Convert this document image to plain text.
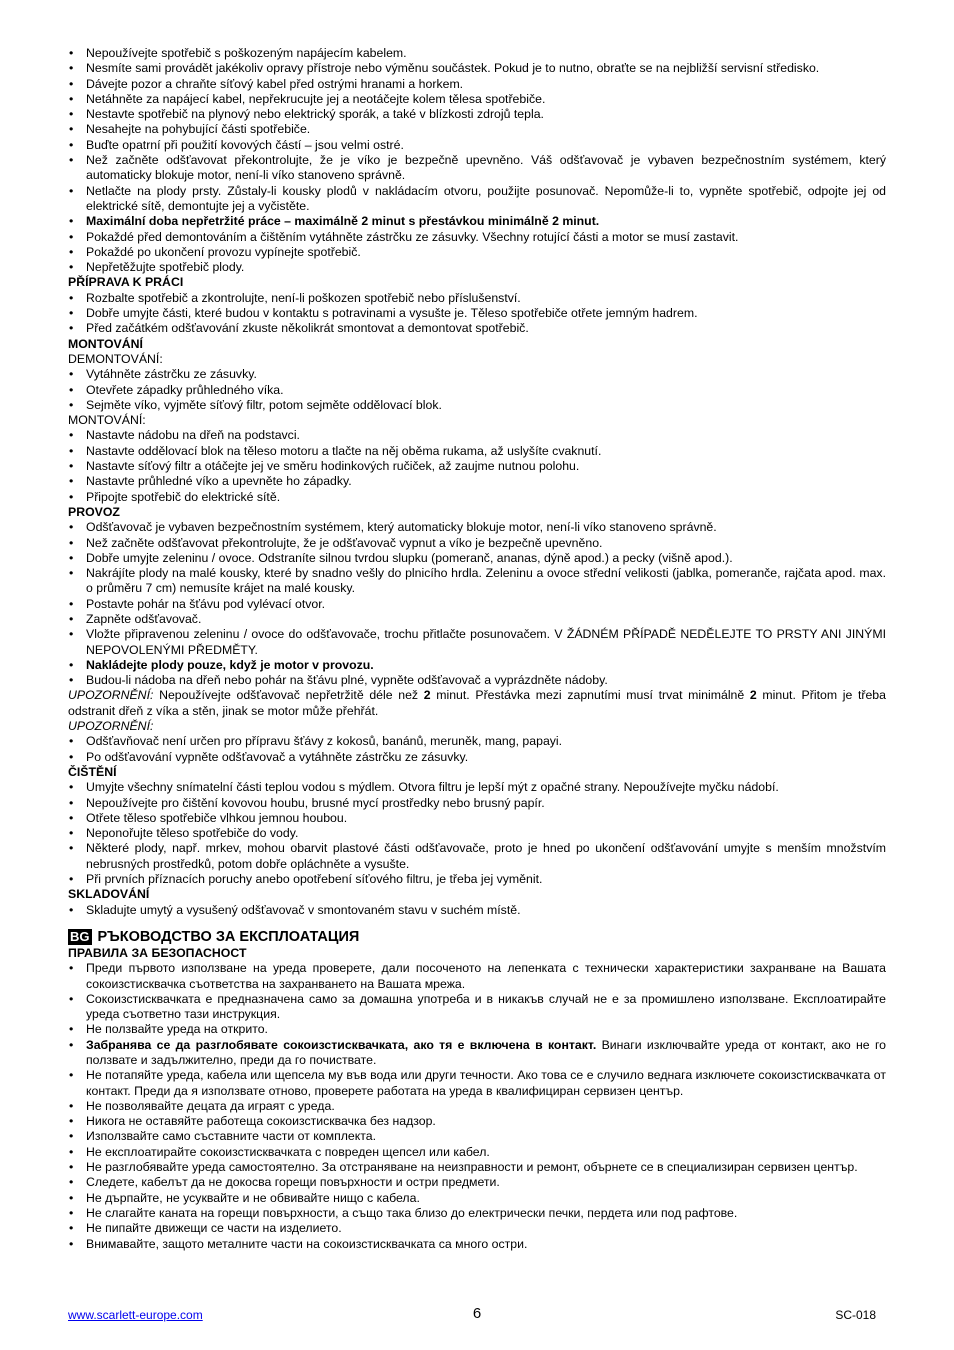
• Nepoužívejte spotřebič s poškozeným napájecím kabelem.
• Nesmíte sami provádět jakékoliv opravy přístroje nebo výměnu součástek. Pokud je to nutno, obraťte se na nejbližší servisní středisko.
• Dávejte pozor a chraňte síťový kabel před ostrými hranami a horkem.
• Netáhněte za napájecí kabel, nepřekrucujte jej a neotáčejte kolem tělesa spotřebiče.
• Nestavte spotřebič na plynový nebo elektrický sporák, a také v blízkosti zdrojů tepla.
• Nesahejte na pohybující části spotřebiče.
• Buďte opatrní při použití kovových částí – jsou velmi ostré.
• Než začněte odšťavovat překontrolujte, že je víko je bezpečně upevněno. Váš odšťavovač je vybaven bezpečnostním systémem, který automaticky blokuje motor, není-li víko stanoveno správně.
• Netlačte na plody prsty. Zůstaly-li kousky plodů v nakládacím otvoru, použijte posunovač. Nepomůže-li to, vypněte spotřebič, odpojte jej od elektrické sítě, demontujte jej a vyčistěte.
• Maximální doba nepřetržité práce – maximálně 2 minut s přestávkou minimálně 2 minut.
• Pokaždé před demontováním a čištěním vytáhněte zástrčku ze zásuvky. Všechny rotující části a motor se musí zastavit.
• Pokaždé po ukončení provozu vypínejte spotřebič.
• Nepřetěžujte spotřebič plody.
PŘÍPRAVA K PRÁCI
• Rozbalte spotřebič a zkontrolujte, není-li poškozen spotřebič nebo příslušenství.
• Dobře umyjte části, které budou v kontaktu s potravinami a vysušte je. Těleso spotřebiče otřete jemným hadrem.
• Před začátkém odšťavování zkuste několikrát smontovat a demontovat spotřebič.
MONTOVÁNÍ
DEMONTOVÁNÍ:
• Vytáhněte zástrčku ze zásuvky.
• Otevřete západky průhledného víka.
• Sejměte víko, vyjměte síťový filtr, potom sejměte oddělovací blok.
MONTOVÁNÍ:
• Nastavte nádobu na dřeň na podstavci.
• Nastavte oddělovací blok na těleso motoru a tlačte na něj oběma rukama, až uslyšíte cvaknutí.
• Nastavte síťový filtr a otáčejte jej ve směru hodinkových ručiček, až zaujme nutnou polohu.
• Nastavte průhledné víko a upevněte ho západky.
• Připojte spotřebič do elektrické sítě.
PROVOZ
• Odšťavovač je vybaven bezpečnostním systémem, který automaticky blokuje motor, není-li víko stanoveno správně.
• Než začněte odšťavovat překontrolujte, že je odšťavovač vypnut a víko je bezpečně upevněno.
• Dobře umyjte zeleninu / ovoce. Odstraníte silnou tvrdou slupku (pomeranč, ananas, dýně apod.) a pecky (višně apod.).
• Nakrájíte plody na malé kousky, které by snadno vešly do plnicího hrdla. Zeleninu a ovoce střední velikosti (jablka, pomeranče, rajčata apod. max. o průměru 7 cm) nemusíte krájet na malé kousky.
• Postavte pohár na šťávu pod vylévací otvor.
• Zapněte odšťavovač.
• Vložte připravenou zeleninu / ovoce do odšťavovače, trochu přitlačte posunovačem. V ŽÁDNÉM PŘÍPADĚ NEDĚLEJTE TO PRSTY ANI JINÝMI NEPOVOLENÝMI PŘEDMĚTY.
• Nakládejte plody pouze, když je motor v provozu.
• Budou-li nádoba na dřeň nebo pohár na šťávu plné, vypněte odšťavovač a vyprázdněte nádoby.
UPOZORNĚNÍ: Nepoužívejte odšťavovač nepřetržitě déle než 2 minut. Přestávka mezi zapnutími musí trvat minimálně 2 minut. Přitom je třeba odstranit dřeň z víka a stěn, jinak se motor může přehřát.
UPOZORNĚNÍ:
• Odšťavňovač není určen pro přípravu šťávy z kokosů, banánů, meruněk, mang, papayi.
• Po odšťavování vypněte odšťavovač a vytáhněte zástrčku ze zásuvky.
ČIŠTĚNÍ
• Umyjte všechny snímatelní části teplou vodou s mýdlem. Otvora filtru je lepší mýt z opačné strany. Nepoužívejte myčku nádobí.
• Nepoužívejte pro čištění kovovou houbu, brusné mycí prostředky nebo brusný papír.
• Otřete těleso spotřebiče vlhkou jemnou houbou.
• Neponořujte těleso spotřebiče do vody.
• Některé plody, např. mrkev, mohou obarvit plastové části odšťavovače, proto je hned po ukončení odšťavování umyjte s menším množstvím nebrusných prostředků, potom dobře opláchněte a vysušte.
• Při prvních příznacích poruchy anebo opotřebení síťového filtru, je třeba jej vyměnit.
SKLADOVÁNÍ
• Skladujte umytý a vysušený odšťavovač v smontovaném stavu v suchém místě.
BG РЪКОВОДСТВО ЗА ЕКСПЛОАТАЦИЯ
ПРАВИЛА ЗА БЕЗОПАСНОСТ
• Преди първото използване на уреда проверете, дали посоченото на лепенката с технически характеристики захранване на Вашата сокоизстисквачка съответства на захранването на Вашата мрежа.
• Сокоизстисквачката е предназначена само за домашна употреба и в никакъв случай не е за промишлено използване. Експлоатирайте уреда съответно тази инструкция.
• Не ползвайте уреда на открито.
• Забранява се да разглобявате сокоизстисквачката, ако тя е включена в контакт. Винаги изключвайте уреда от контакт, ако не го ползвате и задължително, преди да го почиствате.
• Не потапяйте уреда, кабела или щепсела му във вода или други течности. Ако това се е случило веднага изключете сокоизстисквачката от контакт. Преди да я използвате отново, проверете работата на уреда в квалифициран сервизен център.
• Не позволявайте децата да играят с уреда.
• Никога не оставяйте работеща сокоизстисквачка без надзор.
• Използвайте само съставните части от комплекта.
• Не експлоатирайте сокоизстисквачката с повреден щепсел или кабел.
• Не разглобявайте уреда самостоятелно. За отстраняване на неизправности и ремонт, обърнете се в специализиран сервизен център.
• Следете, кабелът да не докосва горещи повърхности и остри предмети.
• Не дърпайте, не усуквайте и не обвивайте нищо с кабела.
• Не слагайте каната на горещи повърхности, а също така близо до електрически печки, пердета или под рафтове.
• Не пипайте движещи се части на изделието.
• Внимавайте, защото металните части на сокоизстисквачката са много остри.
www.scarlett-europe.com	6	SC-018
